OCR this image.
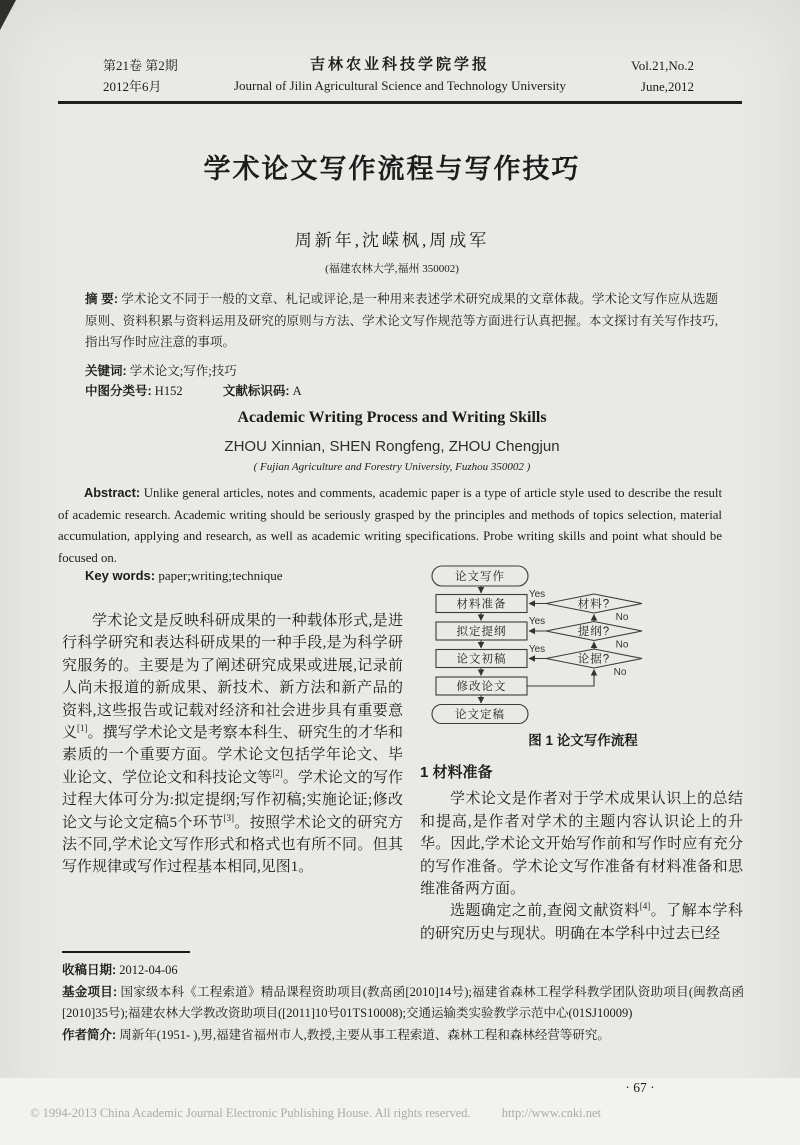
第21卷 第2期
2012年6月
吉林农业科技学院学报
Journal of Jilin Agricultural Science and Technology University
Vol.21,No.2
June,2012
学术论文写作流程与写作技巧
周新年,沈嵘枫,周成军
(福建农林大学,福州 350002)
摘 要: 学术论文不同于一般的文章、札记或评论,是一种用来表述学术研究成果的文章体裁。学术论文写作应从选题原则、资料积累与资料运用及研究的原则与方法、学术论文写作规范等方面进行认真把握。本文探讨有关写作技巧,指出写作时应注意的事项。
关键词: 学术论文;写作;技巧
中图分类号: H152	文献标识码: A
Academic Writing Process and Writing Skills
ZHOU Xinnian, SHEN Rongfeng, ZHOU Chengjun
( Fujian Agriculture and Forestry University, Fuzhou 350002 )
Abstract: Unlike general articles, notes and comments, academic paper is a type of article style used to describe the result of academic research. Academic writing should be seriously grasped by the principles and methods of topics selection, material accumulation, applying and research, as well as academic writing specifications. Probe writing skills and point what should be focused on.
Key words: paper;writing;technique

学术论文是反映科研成果的一种载体形式,是进行科学研究和表达科研成果的一种手段,是为科学研究服务的。主要是为了阐述研究成果或进展,记录前人尚未报道的新成果、新技术、新方法和新产品的资料,这些报告或记载对经济和社会进步具有重要意义[1]。撰写学术论文是考察本科生、研究生的才华和素质的一个重要方面。学术论文包括学年论文、毕业论文、学位论文和科技论文等[2]。学术论文的写作过程大体可分为:拟定提纲;写作初稿;实施论证;修改论文与论文定稿5个环节[3]。按照学术论文的研究方法不同,学术论文写作形式和格式也有所不同。但其写作规律或写作过程基本相同,见图1。

论文写作
材料准备
拟定提纲
论文初稿
修改论文
论文定稿
材料?
提纲?
论据?
Yes
Yes
Yes
No
No
No
图 1 论文写作流程
1 材料准备

学术论文是作者对于学术成果认识上的总结和提高,是作者对学术的主题内容认识论上的升华。因此,学术论文开始写作前和写作时应有充分的写作准备。学术论文写作准备有材料准备和思维准备两方面。

选题确定之前,查阅文献资料[4]。了解本学科的研究历史与现状。明确在本学科中过去已经

收稿日期: 2012-04-06
基金项目: 国家级本科《工程索道》精品课程资助项目(教高函[2010]14号);福建省森林工程学科教学团队资助项目(闽教高函[2010]35号);福建农林大学教改资助项目([2011]10号01TS10008);交通运输类实验教学示范中心(01SJ10009)
作者简介: 周新年(1951- ),男,福建省福州市人,教授,主要从事工程索道、森林工程和森林经营等研究。
· 67 ·
© 1994-2013 China Academic Journal Electronic Publishing House. All rights reserved. http://www.cnki.net
